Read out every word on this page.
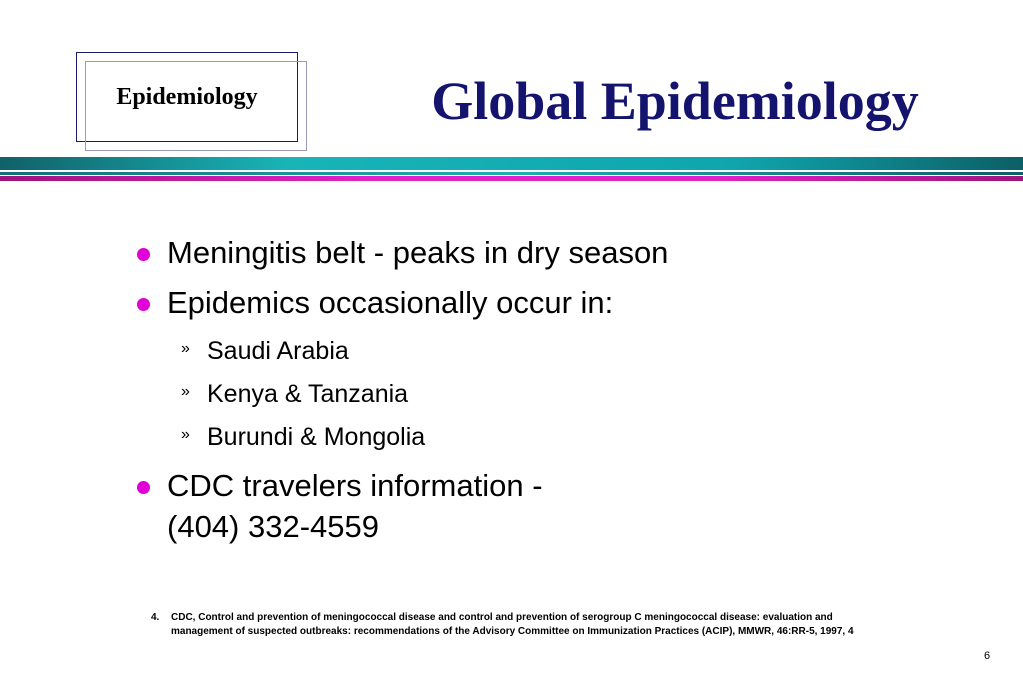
Epidemiology	Global Epidemiology
Meningitis belt - peaks in dry season
Epidemics occasionally occur in:
» Saudi Arabia
» Kenya & Tanzania
» Burundi & Mongolia
CDC travelers information -
(404) 332-4559
4. CDC, Control and prevention of meningococcal disease and control and prevention of serogroup C meningococcal disease: evaluation and
management of suspected outbreaks: recommendations of the Advisory Committee on Immunization Practices (ACIP), MMWR, 46:RR-5, 1997, 4
6
